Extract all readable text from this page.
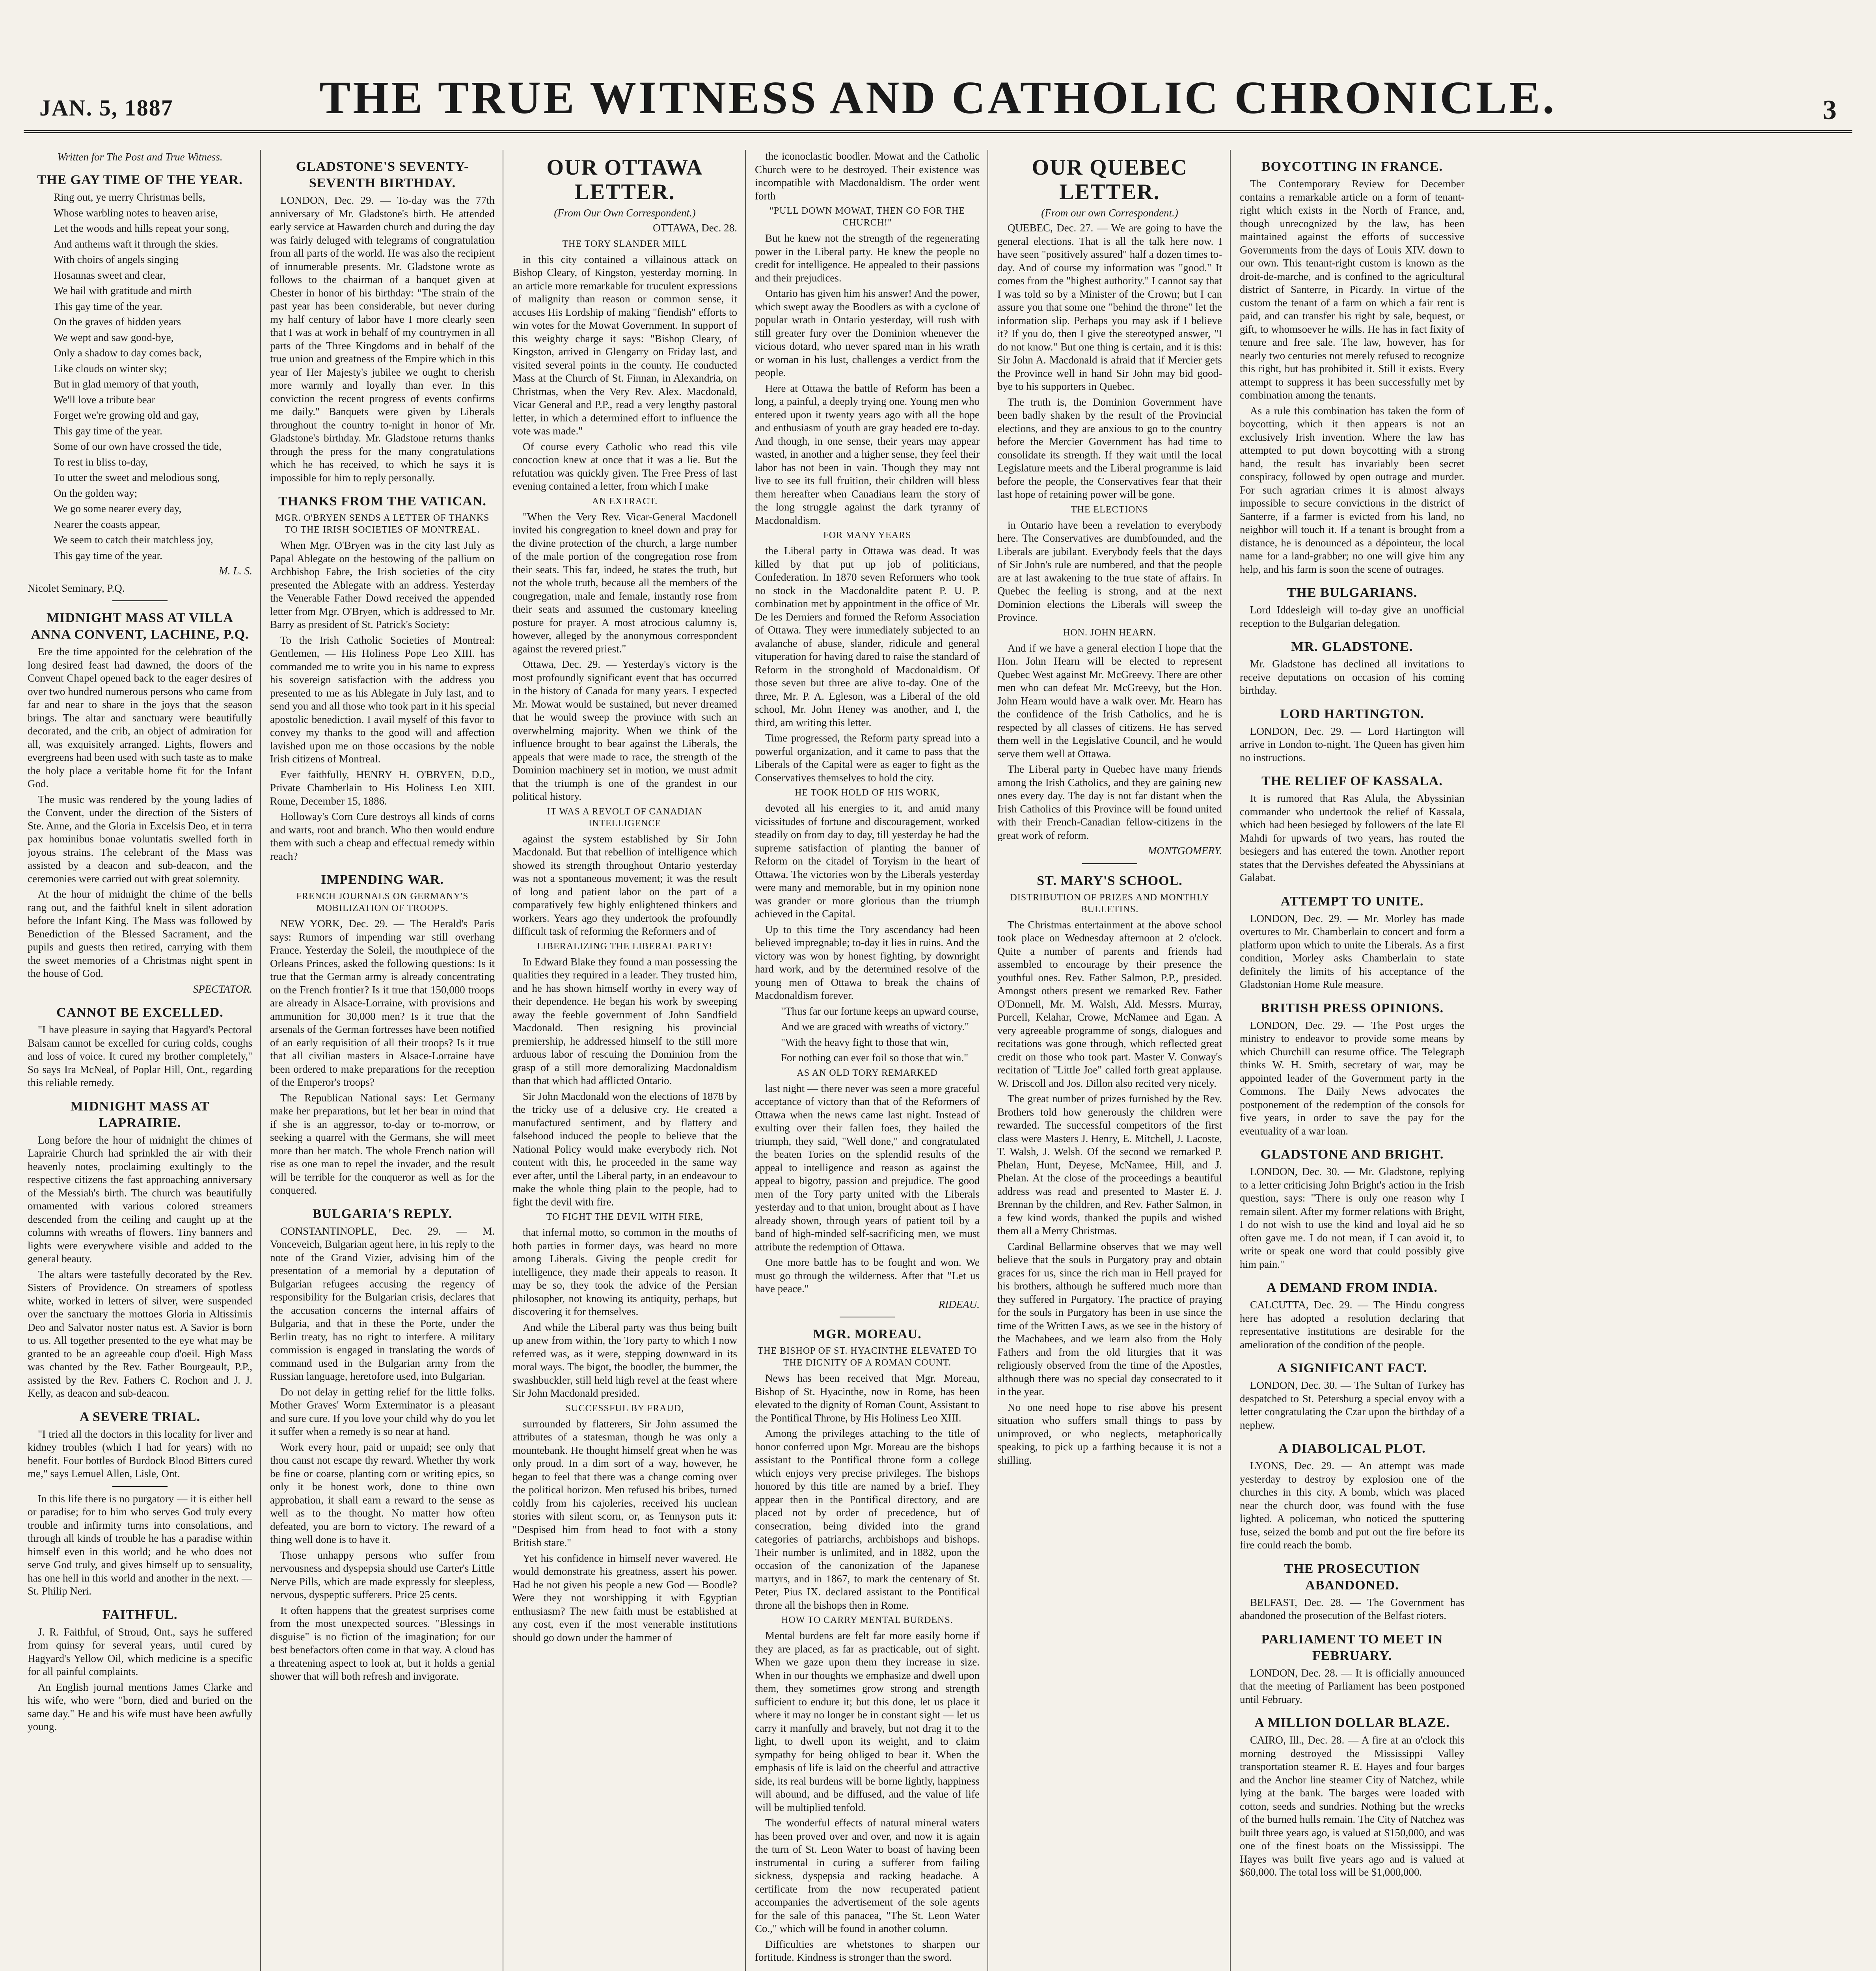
JAN. 5, 1887	THE TRUE WITNESS AND CATHOLIC CHRONICLE.	3
Written for The Post and True Witness.
THE GAY TIME OF THE YEAR.

Ring out, ye merry Christmas bells,

Whose warbling notes to heaven arise,

Let the woods and hills repeat your song,

And anthems waft it through the skies.

With choirs of angels singing

Hosannas sweet and clear,

We hail with gratitude and mirth

This gay time of the year.

On the graves of hidden years

We wept and saw good-bye,

Only a shadow to day comes back,

Like clouds on winter sky;

But in glad memory of that youth,

We'll love a tribute bear

Forget we're growing old and gay,

This gay time of the year.

Some of our own have crossed the tide,

To rest in bliss to-day,

To utter the sweet and melodious song,

On the golden way;

We go some nearer every day,

Nearer the coasts appear,

We seem to catch their matchless joy,

This gay time of the year.

M. L. S.

Nicolet Seminary, P.Q.

MIDNIGHT MASS AT VILLA ANNA CONVENT, LACHINE, P.Q.

Ere the time appointed for the celebration of the long desired feast had dawned, the doors of the Convent Chapel opened back to the eager desires of over two hundred numerous persons who came from far and near to share in the joys that the season brings. The altar and sanctuary were beautifully decorated, and the crib, an object of admiration for all, was exquisitely arranged. Lights, flowers and evergreens had been used with such taste as to make the holy place a veritable home fit for the Infant God.

The music was rendered by the young ladies of the Convent, under the direction of the Sisters of Ste. Anne, and the Gloria in Excelsis Deo, et in terra pax hominibus bonae voluntatis swelled forth in joyous strains. The celebrant of the Mass was assisted by a deacon and sub-deacon, and the ceremonies were carried out with great solemnity.

At the hour of midnight the chime of the bells rang out, and the faithful knelt in silent adoration before the Infant King. The Mass was followed by Benediction of the Blessed Sacrament, and the pupils and guests then retired, carrying with them the sweet memories of a Christmas night spent in the house of God.

SPECTATOR.
CANNOT BE EXCELLED.

"I have pleasure in saying that Hagyard's Pectoral Balsam cannot be excelled for curing colds, coughs and loss of voice. It cured my brother completely," So says Ira McNeal, of Poplar Hill, Ont., regarding this reliable remedy.

MIDNIGHT MASS AT LAPRAIRIE.

Long before the hour of midnight the chimes of Laprairie Church had sprinkled the air with their heavenly notes, proclaiming exultingly to the respective citizens the fast approaching anniversary of the Messiah's birth. The church was beautifully ornamented with various colored streamers descended from the ceiling and caught up at the columns with wreaths of flowers. Tiny banners and lights were everywhere visible and added to the general beauty.

The altars were tastefully decorated by the Rev. Sisters of Providence. On streamers of spotless white, worked in letters of silver, were suspended over the sanctuary the mottoes Gloria in Altissimis Deo and Salvator noster natus est. A Savior is born to us. All together presented to the eye what may be granted to be an agreeable coup d'oeil. High Mass was chanted by the Rev. Father Bourgeault, P.P., assisted by the Rev. Fathers C. Rochon and J. J. Kelly, as deacon and sub-deacon.

A SEVERE TRIAL.

"I tried all the doctors in this locality for liver and kidney troubles (which I had for years) with no benefit. Four bottles of Burdock Blood Bitters cured me," says Lemuel Allen, Lisle, Ont.

In this life there is no purgatory — it is either hell or paradise; for to him who serves God truly every trouble and infirmity turns into consolations, and through all kinds of trouble he has a paradise within himself even in this world; and he who does not serve God truly, and gives himself up to sensuality, has one hell in this world and another in the next. — St. Philip Neri.

FAITHFUL.

J. R. Faithful, of Stroud, Ont., says he suffered from quinsy for several years, until cured by Hagyard's Yellow Oil, which medicine is a specific for all painful complaints.

An English journal mentions James Clarke and his wife, who were "born, died and buried on the same day." He and his wife must have been awfully young.

GLADSTONE'S SEVENTY-SEVENTH BIRTHDAY.

LONDON, Dec. 29. — To-day was the 77th anniversary of Mr. Gladstone's birth. He attended early service at Hawarden church and during the day was fairly deluged with telegrams of congratulation from all parts of the world. He was also the recipient of innumerable presents. Mr. Gladstone wrote as follows to the chairman of a banquet given at Chester in honor of his birthday: "The strain of the past year has been considerable, but never during my half century of labor have I more clearly seen that I was at work in behalf of my countrymen in all parts of the Three Kingdoms and in behalf of the true union and greatness of the Empire which in this year of Her Majesty's jubilee we ought to cherish more warmly and loyally than ever. In this conviction the recent progress of events confirms me daily." Banquets were given by Liberals throughout the country to-night in honor of Mr. Gladstone's birthday. Mr. Gladstone returns thanks through the press for the many congratulations which he has received, to which he says it is impossible for him to reply personally.

THANKS FROM THE VATICAN.
MGR. O'BRYEN SENDS A LETTER OF THANKS TO THE IRISH SOCIETIES OF MONTREAL.

When Mgr. O'Bryen was in the city last July as Papal Ablegate on the bestowing of the pallium on Archbishop Fabre, the Irish societies of the city presented the Ablegate with an address. Yesterday the Venerable Father Dowd received the appended letter from Mgr. O'Bryen, which is addressed to Mr. Barry as president of St. Patrick's Society:

To the Irish Catholic Societies of Montreal: Gentlemen, — His Holiness Pope Leo XIII. has commanded me to write you in his name to express his sovereign satisfaction with the address you presented to me as his Ablegate in July last, and to send you and all those who took part in it his special apostolic benediction. I avail myself of this favor to convey my thanks to the good will and affection lavished upon me on those occasions by the noble Irish citizens of Montreal.

Ever faithfully, HENRY H. O'BRYEN, D.D., Private Chamberlain to His Holiness Leo XIII. Rome, December 15, 1886.

Holloway's Corn Cure destroys all kinds of corns and warts, root and branch. Who then would endure them with such a cheap and effectual remedy within reach?

IMPENDING WAR.
FRENCH JOURNALS ON GERMANY'S MOBILIZATION OF TROOPS.

NEW YORK, Dec. 29. — The Herald's Paris says: Rumors of impending war still overhang France. Yesterday the Soleil, the mouthpiece of the Orleans Princes, asked the following questions: Is it true that the German army is already concentrating on the French frontier? Is it true that 150,000 troops are already in Alsace-Lorraine, with provisions and ammunition for 30,000 men? Is it true that the arsenals of the German fortresses have been notified of an early requisition of all their troops? Is it true that all civilian masters in Alsace-Lorraine have been ordered to make preparations for the reception of the Emperor's troops?

The Republican National says: Let Germany make her preparations, but let her bear in mind that if she is an aggressor, to-day or to-morrow, or seeking a quarrel with the Germans, she will meet more than her match. The whole French nation will rise as one man to repel the invader, and the result will be terrible for the conqueror as well as for the conquered.

BULGARIA'S REPLY.

CONSTANTINOPLE, Dec. 29. — M. Vonceveich, Bulgarian agent here, in his reply to the note of the Grand Vizier, advising him of the presentation of a memorial by a deputation of Bulgarian refugees accusing the regency of responsibility for the Bulgarian crisis, declares that the accusation concerns the internal affairs of Bulgaria, and that in these the Porte, under the Berlin treaty, has no right to interfere. A military commission is engaged in translating the words of command used in the Bulgarian army from the Russian language, heretofore used, into Bulgarian.

Do not delay in getting relief for the little folks. Mother Graves' Worm Exterminator is a pleasant and sure cure. If you love your child why do you let it suffer when a remedy is so near at hand.

Work every hour, paid or unpaid; see only that thou canst not escape thy reward. Whether thy work be fine or coarse, planting corn or writing epics, so only it be honest work, done to thine own approbation, it shall earn a reward to the sense as well as to the thought. No matter how often defeated, you are born to victory. The reward of a thing well done is to have it.

Those unhappy persons who suffer from nervousness and dyspepsia should use Carter's Little Nerve Pills, which are made expressly for sleepless, nervous, dyspeptic sufferers. Price 25 cents.

It often happens that the greatest surprises come from the most unexpected sources. "Blessings in disguise" is no fiction of the imagination; for our best benefactors often come in that way. A cloud has a threatening aspect to look at, but it holds a genial shower that will both refresh and invigorate.

OUR OTTAWA LETTER.
(From Our Own Correspondent.)
OTTAWA, Dec. 28.
THE TORY SLANDER MILL

in this city contained a villainous attack on Bishop Cleary, of Kingston, yesterday morning. In an article more remarkable for truculent expressions of malignity than reason or common sense, it accuses His Lordship of making "fiendish" efforts to win votes for the Mowat Government. In support of this weighty charge it says: "Bishop Cleary, of Kingston, arrived in Glengarry on Friday last, and visited several points in the county. He conducted Mass at the Church of St. Finnan, in Alexandria, on Christmas, when the Very Rev. Alex. Macdonald, Vicar General and P.P., read a very lengthy pastoral letter, in which a determined effort to influence the vote was made."

Of course every Catholic who read this vile concoction knew at once that it was a lie. But the refutation was quickly given. The Free Press of last evening contained a letter, from which I make

AN EXTRACT.

"When the Very Rev. Vicar-General Macdonell invited his congregation to kneel down and pray for the divine protection of the church, a large number of the male portion of the congregation rose from their seats. This far, indeed, he states the truth, but not the whole truth, because all the members of the congregation, male and female, instantly rose from their seats and assumed the customary kneeling posture for prayer. A most atrocious calumny is, however, alleged by the anonymous correspondent against the revered priest."

Ottawa, Dec. 29. — Yesterday's victory is the most profoundly significant event that has occurred in the history of Canada for many years. I expected Mr. Mowat would be sustained, but never dreamed that he would sweep the province with such an overwhelming majority. When we think of the influence brought to bear against the Liberals, the appeals that were made to race, the strength of the Dominion machinery set in motion, we must admit that the triumph is one of the grandest in our political history.

IT WAS A REVOLT OF CANADIAN INTELLIGENCE

against the system established by Sir John Macdonald. But that rebellion of intelligence which showed its strength throughout Ontario yesterday was not a spontaneous movement; it was the result of long and patient labor on the part of a comparatively few highly enlightened thinkers and workers. Years ago they undertook the profoundly difficult task of reforming the Reformers and of

LIBERALIZING THE LIBERAL PARTY!

In Edward Blake they found a man possessing the qualities they required in a leader. They trusted him, and he has shown himself worthy in every way of their dependence. He began his work by sweeping away the feeble government of John Sandfield Macdonald. Then resigning his provincial premiership, he addressed himself to the still more arduous labor of rescuing the Dominion from the grasp of a still more demoralizing Macdonaldism than that which had afflicted Ontario.

Sir John Macdonald won the elections of 1878 by the tricky use of a delusive cry. He created a manufactured sentiment, and by flattery and falsehood induced the people to believe that the National Policy would make everybody rich. Not content with this, he proceeded in the same way ever after, until the Liberal party, in an endeavour to make the whole thing plain to the people, had to fight the devil with fire.

TO FIGHT THE DEVIL WITH FIRE,

that infernal motto, so common in the mouths of both parties in former days, was heard no more among Liberals. Giving the people credit for intelligence, they made their appeals to reason. It may be so, they took the advice of the Persian philosopher, not knowing its antiquity, perhaps, but discovering it for themselves.

And while the Liberal party was thus being built up anew from within, the Tory party to which I now referred was, as it were, stepping downward in its moral ways. The bigot, the boodler, the bummer, the swashbuckler, still held high revel at the feast where Sir John Macdonald presided.

SUCCESSFUL BY FRAUD,

surrounded by flatterers, Sir John assumed the attributes of a statesman, though he was only a mountebank. He thought himself great when he was only proud. In a dim sort of a way, however, he began to feel that there was a change coming over the political horizon. Men refused his bribes, turned coldly from his cajoleries, received his unclean stories with silent scorn, or, as Tennyson puts it: "Despised him from head to foot with a stony British stare."

Yet his confidence in himself never wavered. He would demonstrate his greatness, assert his power. Had he not given his people a new God — Boodle? Were they not worshipping it with Egyptian enthusiasm? The new faith must be established at any cost, even if the most venerable institutions should go down under the hammer of

the iconoclastic boodler. Mowat and the Catholic Church were to be destroyed. Their existence was incompatible with Macdonaldism. The order went forth

"PULL DOWN MOWAT, THEN GO FOR THE CHURCH!"

But he knew not the strength of the regenerating power in the Liberal party. He knew the people no credit for intelligence. He appealed to their passions and their prejudices.

Ontario has given him his answer! And the power, which swept away the Boodlers as with a cyclone of popular wrath in Ontario yesterday, will rush with still greater fury over the Dominion whenever the vicious dotard, who never spared man in his wrath or woman in his lust, challenges a verdict from the people.

Here at Ottawa the battle of Reform has been a long, a painful, a deeply trying one. Young men who entered upon it twenty years ago with all the hope and enthusiasm of youth are gray headed ere to-day. And though, in one sense, their years may appear wasted, in another and a higher sense, they feel their labor has not been in vain. Though they may not live to see its full fruition, their children will bless them hereafter when Canadians learn the story of the long struggle against the dark tyranny of Macdonaldism.

FOR MANY YEARS

the Liberal party in Ottawa was dead. It was killed by that put up job of politicians, Confederation. In 1870 seven Reformers who took no stock in the Macdonaldite patent P. U. P. combination met by appointment in the office of Mr. De les Derniers and formed the Reform Association of Ottawa. They were immediately subjected to an avalanche of abuse, slander, ridicule and general vituperation for having dared to raise the standard of Reform in the stronghold of Macdonaldism. Of those seven but three are alive to-day. One of the three, Mr. P. A. Egleson, was a Liberal of the old school, Mr. John Heney was another, and I, the third, am writing this letter.

Time progressed, the Reform party spread into a powerful organization, and it came to pass that the Liberals of the Capital were as eager to fight as the Conservatives themselves to hold the city.

HE TOOK HOLD OF HIS WORK,

devoted all his energies to it, and amid many vicissitudes of fortune and discouragement, worked steadily on from day to day, till yesterday he had the supreme satisfaction of planting the banner of Reform on the citadel of Toryism in the heart of Ottawa. The victories won by the Liberals yesterday were many and memorable, but in my opinion none was grander or more glorious than the triumph achieved in the Capital.

Up to this time the Tory ascendancy had been believed impregnable; to-day it lies in ruins. And the victory was won by honest fighting, by downright hard work, and by the determined resolve of the young men of Ottawa to break the chains of Macdonaldism forever.

"Thus far our fortune keeps an upward course,

And we are graced with wreaths of victory."

"With the heavy fight to those that win,

For nothing can ever foil so those that win."

AS AN OLD TORY REMARKED

last night — there never was seen a more graceful acceptance of victory than that of the Reformers of Ottawa when the news came last night. Instead of exulting over their fallen foes, they hailed the triumph, they said, "Well done," and congratulated the beaten Tories on the splendid results of the appeal to intelligence and reason as against the appeal to bigotry, passion and prejudice. The good men of the Tory party united with the Liberals yesterday and to that union, brought about as I have already shown, through years of patient toil by a band of high-minded self-sacrificing men, we must attribute the redemption of Ottawa.

One more battle has to be fought and won. We must go through the wilderness. After that "Let us have peace."

RIDEAU.
MGR. MOREAU.
THE BISHOP OF ST. HYACINTHE ELEVATED TO THE DIGNITY OF A ROMAN COUNT.

News has been received that Mgr. Moreau, Bishop of St. Hyacinthe, now in Rome, has been elevated to the dignity of Roman Count, Assistant to the Pontifical Throne, by His Holiness Leo XIII.

Among the privileges attaching to the title of honor conferred upon Mgr. Moreau are the bishops assistant to the Pontifical throne form a college which enjoys very precise privileges. The bishops honored by this title are named by a brief. They appear then in the Pontifical directory, and are placed not by order of precedence, but of consecration, being divided into the grand categories of patriarchs, archbishops and bishops. Their number is unlimited, and in 1882, upon the occasion of the canonization of the Japanese martyrs, and in 1867, to mark the centenary of St. Peter, Pius IX. declared assistant to the Pontifical throne all the bishops then in Rome.

HOW TO CARRY MENTAL BURDENS.

Mental burdens are felt far more easily borne if they are placed, as far as practicable, out of sight. When we gaze upon them they increase in size. When in our thoughts we emphasize and dwell upon them, they sometimes grow strong and strength sufficient to endure it; but this done, let us place it where it may no longer be in constant sight — let us carry it manfully and bravely, but not drag it to the light, to dwell upon its weight, and to claim sympathy for being obliged to bear it. When the emphasis of life is laid on the cheerful and attractive side, its real burdens will be borne lightly, happiness will abound, and be diffused, and the value of life will be multiplied tenfold.

The wonderful effects of natural mineral waters has been proved over and over, and now it is again the turn of St. Leon Water to boast of having been instrumental in curing a sufferer from failing sickness, dyspepsia and racking headache. A certificate from the now recuperated patient accompanies the advertisement of the sole agents for the sale of this panacea, "The St. Leon Water Co.," which will be found in another column.

Difficulties are whetstones to sharpen our fortitude. Kindness is stronger than the sword.

OUR QUEBEC LETTER.
(From our own Correspondent.)

QUEBEC, Dec. 27. — We are going to have the general elections. That is all the talk here now. I have seen "positively assured" half a dozen times to-day. And of course my information was "good." It comes from the "highest authority." I cannot say that I was told so by a Minister of the Crown; but I can assure you that some one "behind the throne" let the information slip. Perhaps you may ask if I believe it? If you do, then I give the stereotyped answer, "I do not know." But one thing is certain, and it is this: Sir John A. Macdonald is afraid that if Mercier gets the Province well in hand Sir John may bid good-bye to his supporters in Quebec.

The truth is, the Dominion Government have been badly shaken by the result of the Provincial elections, and they are anxious to go to the country before the Mercier Government has had time to consolidate its strength. If they wait until the local Legislature meets and the Liberal programme is laid before the people, the Conservatives fear that their last hope of retaining power will be gone.

THE ELECTIONS

in Ontario have been a revelation to everybody here. The Conservatives are dumbfounded, and the Liberals are jubilant. Everybody feels that the days of Sir John's rule are numbered, and that the people are at last awakening to the true state of affairs. In Quebec the feeling is strong, and at the next Dominion elections the Liberals will sweep the Province.

HON. JOHN HEARN.

And if we have a general election I hope that the Hon. John Hearn will be elected to represent Quebec West against Mr. McGreevy. There are other men who can defeat Mr. McGreevy, but the Hon. John Hearn would have a walk over. Mr. Hearn has the confidence of the Irish Catholics, and he is respected by all classes of citizens. He has served them well in the Legislative Council, and he would serve them well at Ottawa.

The Liberal party in Quebec have many friends among the Irish Catholics, and they are gaining new ones every day. The day is not far distant when the Irish Catholics of this Province will be found united with their French-Canadian fellow-citizens in the great work of reform.

MONTGOMERY.
ST. MARY'S SCHOOL.
DISTRIBUTION OF PRIZES AND MONTHLY BULLETINS.

The Christmas entertainment at the above school took place on Wednesday afternoon at 2 o'clock. Quite a number of parents and friends had assembled to encourage by their presence the youthful ones. Rev. Father Salmon, P.P., presided. Amongst others present we remarked Rev. Father O'Donnell, Mr. M. Walsh, Ald. Messrs. Murray, Purcell, Kelahar, Crowe, McNamee and Egan. A very agreeable programme of songs, dialogues and recitations was gone through, which reflected great credit on those who took part. Master V. Conway's recitation of "Little Joe" called forth great applause. W. Driscoll and Jos. Dillon also recited very nicely.

The great number of prizes furnished by the Rev. Brothers told how generously the children were rewarded. The successful competitors of the first class were Masters J. Henry, E. Mitchell, J. Lacoste, T. Walsh, J. Welsh. Of the second we remarked P. Phelan, Hunt, Deyese, McNamee, Hill, and J. Phelan. At the close of the proceedings a beautiful address was read and presented to Master E. J. Brennan by the children, and Rev. Father Salmon, in a few kind words, thanked the pupils and wished them all a Merry Christmas.

Cardinal Bellarmine observes that we may well believe that the souls in Purgatory pray and obtain graces for us, since the rich man in Hell prayed for his brothers, although he suffered much more than they suffered in Purgatory. The practice of praying for the souls in Purgatory has been in use since the time of the Written Laws, as we see in the history of the Machabees, and we learn also from the Holy Fathers and from the old liturgies that it was religiously observed from the time of the Apostles, although there was no special day consecrated to it in the year.

No one need hope to rise above his present situation who suffers small things to pass by unimproved, or who neglects, metaphorically speaking, to pick up a farthing because it is not a shilling.

BOYCOTTING IN FRANCE.

The Contemporary Review for December contains a remarkable article on a form of tenant-right which exists in the North of France, and, though unrecognized by the law, has been maintained against the efforts of successive Governments from the days of Louis XIV. down to our own. This tenant-right custom is known as the droit-de-marche, and is confined to the agricultural district of Santerre, in Picardy. In virtue of the custom the tenant of a farm on which a fair rent is paid, and can transfer his right by sale, bequest, or gift, to whomsoever he wills. He has in fact fixity of tenure and free sale. The law, however, has for nearly two centuries not merely refused to recognize this right, but has prohibited it. Still it exists. Every attempt to suppress it has been successfully met by combination among the tenants.

As a rule this combination has taken the form of boycotting, which it then appears is not an exclusively Irish invention. Where the law has attempted to put down boycotting with a strong hand, the result has invariably been secret conspiracy, followed by open outrage and murder. For such agrarian crimes it is almost always impossible to secure convictions in the district of Santerre, if a farmer is evicted from his land, no neighbor will touch it. If a tenant is brought from a distance, he is denounced as a dépointeur, the local name for a land-grabber; no one will give him any help, and his farm is soon the scene of outrages.

THE BULGARIANS.

Lord Iddesleigh will to-day give an unofficial reception to the Bulgarian delegation.

MR. GLADSTONE.

Mr. Gladstone has declined all invitations to receive deputations on occasion of his coming birthday.

LORD HARTINGTON.

LONDON, Dec. 29. — Lord Hartington will arrive in London to-night. The Queen has given him no instructions.

THE RELIEF OF KASSALA.

It is rumored that Ras Alula, the Abyssinian commander who undertook the relief of Kassala, which had been besieged by followers of the late El Mahdi for upwards of two years, has routed the besiegers and has entered the town. Another report states that the Dervishes defeated the Abyssinians at Galabat.

ATTEMPT TO UNITE.

LONDON, Dec. 29. — Mr. Morley has made overtures to Mr. Chamberlain to concert and form a platform upon which to unite the Liberals. As a first condition, Morley asks Chamberlain to state definitely the limits of his acceptance of the Gladstonian Home Rule measure.

BRITISH PRESS OPINIONS.

LONDON, Dec. 29. — The Post urges the ministry to endeavor to provide some means by which Churchill can resume office. The Telegraph thinks W. H. Smith, secretary of war, may be appointed leader of the Government party in the Commons. The Daily News advocates the postponement of the redemption of the consols for five years, in order to save the pay for the eventuality of a war loan.

GLADSTONE AND BRIGHT.

LONDON, Dec. 30. — Mr. Gladstone, replying to a letter criticising John Bright's action in the Irish question, says: "There is only one reason why I remain silent. After my former relations with Bright, I do not wish to use the kind and loyal aid he so often gave me. I do not mean, if I can avoid it, to write or speak one word that could possibly give him pain."

A DEMAND FROM INDIA.

CALCUTTA, Dec. 29. — The Hindu congress here has adopted a resolution declaring that representative institutions are desirable for the amelioration of the condition of the people.

A SIGNIFICANT FACT.

LONDON, Dec. 30. — The Sultan of Turkey has despatched to St. Petersburg a special envoy with a letter congratulating the Czar upon the birthday of a nephew.

A DIABOLICAL PLOT.

LYONS, Dec. 29. — An attempt was made yesterday to destroy by explosion one of the churches in this city. A bomb, which was placed near the church door, was found with the fuse lighted. A policeman, who noticed the sputtering fuse, seized the bomb and put out the fire before its fire could reach the bomb.

THE PROSECUTION ABANDONED.

BELFAST, Dec. 28. — The Government has abandoned the prosecution of the Belfast rioters.

PARLIAMENT TO MEET IN FEBRUARY.

LONDON, Dec. 28. — It is officially announced that the meeting of Parliament has been postponed until February.

A MILLION DOLLAR BLAZE.

CAIRO, Ill., Dec. 28. — A fire at an o'clock this morning destroyed the Mississippi Valley transportation steamer R. E. Hayes and four barges and the Anchor line steamer City of Natchez, while lying at the bank. The barges were loaded with cotton, seeds and sundries. Nothing but the wrecks of the burned hulls remain. The City of Natchez was built three years ago, is valued at $150,000, and was one of the finest boats on the Mississippi. The Hayes was built five years ago and is valued at $60,000. The total loss will be $1,000,000.
